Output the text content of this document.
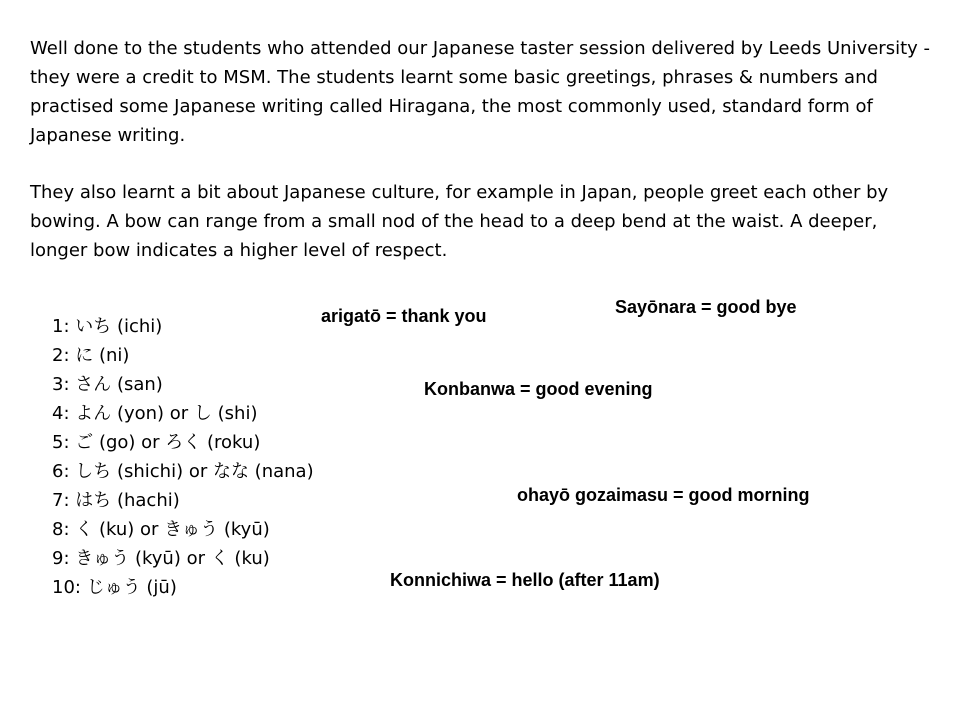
Well done to the students who attended our Japanese taster session delivered by Leeds University - they were a credit to MSM. The students learnt some basic greetings, phrases & numbers and practised some Japanese writing called Hiragana, the most commonly used, standard form of Japanese writing.

They also learnt a bit about Japanese culture, for example in Japan, people greet each other by bowing. A bow can range from a small nod of the head to a deep bend at the waist. A deeper, longer bow indicates a higher level of respect.

1: いち (ichi)
2: に (ni)
3: さん (san)
4: よん (yon) or し (shi)
5: ご (go) or ろく (roku)
6: しち (shichi) or なな (nana)
7: はち (hachi)
8: く (ku) or きゅう (kyū)
9: きゅう (kyū) or く (ku)
10: じゅう (jū)
arigatō = thank you	Sayōnara = good bye
Konbanwa = good evening
ohayō gozaimasu = good morning
Konnichiwa = hello (after 11am)
